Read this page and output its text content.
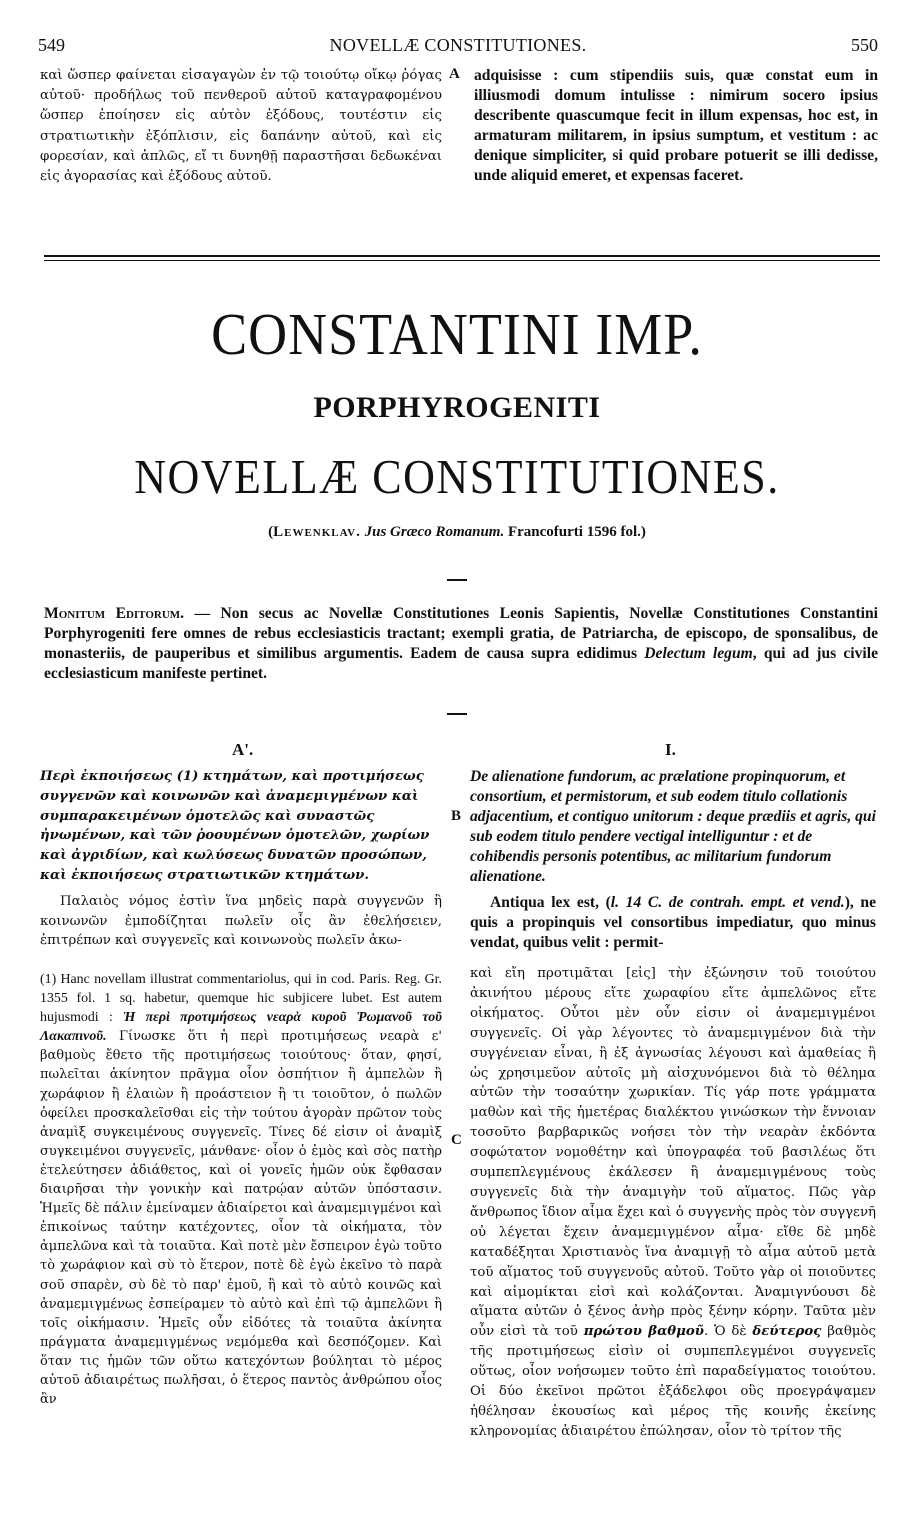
549	NOVELLÆ CONSTITUTIONES.	550

καὶ ὥσπερ φαίνεται εἰσαγαγὼν ἐν τῷ τοιούτῳ οἴκῳ ῥόγας αὐτοῦ· προδήλως τοῦ πενθεροῦ αὐτοῦ καταγραφομένου ὥσπερ ἐποίησεν εἰς αὐτὸν ἐξόδους, τουτέστιν εἰς στρατιωτικὴν ἐξόπλισιν, εἰς δαπάνην αὐτοῦ, καὶ εἰς φορεσίαν, καὶ ἁπλῶς, εἴ τι δυνηθῇ παραστῆσαι δεδωκέναι εἰς ἀγορασίας καὶ ἐξόδους αὐτοῦ.

A adquisisse : cum stipendiis suis, quæ constat eum in illiusmodi domum intulisse : nimirum socero ipsius describente quascumque fecit in illum expensas, hoc est, in armaturam militarem, in ipsius sumptum, et vestitum : ac denique simpliciter, si quid probare potuerit se illi dedisse, unde aliquid emeret, et expensas faceret.

CONSTANTINI IMP.
PORPHYROGENITI
NOVELLÆ CONSTITUTIONES.
(Lewenklav. Jus Græco Romanum. Francofurti 1596 fol.)
Monitum Editorum. — Non secus ac Novellæ Constitutiones Leonis Sapientis, Novellæ Constitutiones Constantini Porphyrogeniti fere omnes de rebus ecclesiasticis tractant; exempli gratia, de Patriarcha, de episcopo, de sponsalibus, de monasteriis, de pauperibus et similibus argumentis. Eadem de causa supra edidimus Delectum legum, qui ad jus civile ecclesiasticum manifeste pertinet.
Α'.	I.

Περὶ ἐκποιήσεως (1) κτημάτων, καὶ προτιμήσεως συγγενῶν καὶ κοινωνῶν καὶ ἀναμεμιγμένων καὶ συμπαρακειμένων ὁμοτελῶς καὶ συναστῶς ἠνωμένων, καὶ τῶν ῥοουμένων ὁμοτελῶν, χωρίων καὶ ἀγριδίων, καὶ κωλύσεως δυνατῶν προσώπων, καὶ ἐκποιήσεως στρατιωτικῶν κτημάτων.

Παλαιὸς νόμος ἐστὶν ἵνα μηδεὶς παρὰ συγγενῶν ἢ κοινωνῶν ἐμποδίζηται πωλεῖν οἷς ἂν ἐθελήσειεν, ἐπιτρέπων καὶ συγγενεῖς καὶ κοινωνοὺς πωλεῖν ἀκω-

B

De alienatione fundorum, ac prælatione propinquorum, et consortium, et permistorum, et sub eodem titulo collationis adjacentium, et contiguo unitorum : deque prædiis et agris, qui sub eodem titulo pendere vectigal intelliguntur : et de cohibendis personis potentibus, ac militarium fundorum alienatione.

Antiqua lex est, (l. 14 C. de contrah. empt. et vend.), ne quis a propinquis vel consortibus impediatur, quo minus vendat, quibus velit : permit-

(1) Hanc novellam illustrat commentariolus, qui in cod. Paris. Reg. Gr. 1355 fol. 1 sq. habetur, quemque hic subjicere lubet. Est autem hujusmodi : Ἡ περὶ προτιμήσεως νεαρὰ κυροῦ Ῥωμανοῦ τοῦ Λακαπινοῦ. Γίνωσκε ὅτι ἡ περὶ προτιμήσεως νεαρὰ ε' βαθμοὺς ἔθετο τῆς προτιμήσεως τοιούτους· ὅταν, φησί, πωλεῖται ἀκίνητον πρᾶγμα οἷον ὀσπήτιον ἢ ἀμπελὼν ἢ χωράφιον ἢ ἐλαιὼν ἢ προάστειον ἢ τι τοιοῦτον, ὁ πωλῶν ὀφείλει προσκαλεῖσθαι εἰς τὴν τούτου ἀγορὰν πρῶτον τοὺς ἀναμὶξ συγκειμένους συγγενεῖς. Τίνες δέ εἰσιν οἱ ἀναμὶξ συγκειμένοι συγγενεῖς, μάνθανε· οἷον ὁ ἐμὸς καὶ σὸς πατὴρ ἐτελεύτησεν ἀδιάθετος, καὶ οἱ γονεῖς ἡμῶν οὐκ ἔφθασαν διαιρῆσαι τὴν γονικὴν καὶ πατρῴαν αὐτῶν ὑπόστασιν. Ἡμεῖς δὲ πάλιν ἐμείναμεν ἀδιαίρετοι καὶ ἀναμεμιγμένοι καὶ ἐπικοίνως ταύτην κατέχοντες, οἷον τὰ οἰκήματα, τὸν ἀμπελῶνα καὶ τὰ τοιαῦτα. Καὶ ποτὲ μὲν ἔσπειρον ἐγὼ τοῦτο τὸ χωράφιον καὶ σὺ τὸ ἕτερον, ποτὲ δὲ ἐγὼ ἐκεῖνο τὸ παρὰ σοῦ σπαρὲν, σὺ δὲ τὸ παρ' ἐμοῦ, ἢ καὶ τὸ αὐτὸ κοινῶς καὶ ἀναμεμιγμένως ἐσπείραμεν τὸ αὐτὸ καὶ ἐπὶ τῷ ἀμπελῶνι ἢ τοῖς οἰκήμασιν. Ἡμεῖς οὖν εἰδότες τὰ τοιαῦτα ἀκίνητα πράγματα ἀναμεμιγμένως νεμόμεθα καὶ δεσπόζομεν. Καὶ ὅταν τις ἡμῶν τῶν οὕτω κατεχόντων βούληται τὸ μέρος αὐτοῦ ἀδιαιρέτως πωλῆσαι, ὁ ἕτερος παντὸς ἀνθρώπου οἷος ἂν
C
καὶ εἴη προτιμᾶται [εἰς] τὴν ἐξώνησιν τοῦ τοιούτου ἀκινήτου μέρους εἴτε χωραφίου εἴτε ἀμπελῶνος εἴτε οἰκήματος. Οὗτοι μὲν οὖν εἰσιν οἱ ἀναμεμιγμένοι συγγενεῖς. Οἱ γὰρ λέγοντες τὸ ἀναμεμιγμένον διὰ τὴν συγγένειαν εἶναι, ἢ ἐξ ἀγνωσίας λέγουσι καὶ ἀμαθείας ἢ ὡς χρησιμεῦον αὐτοῖς μὴ αἰσχυνόμενοι διὰ τὸ θέλημα αὐτῶν τὴν τοσαύτην χωρικίαν. Τίς γάρ ποτε γράμματα μαθὼν καὶ τῆς ἡμετέρας διαλέκτου γινώσκων τὴν ἔννοιαν τοσοῦτο βαρβαρικῶς νοήσει τὸν τὴν νεαρὰν ἐκδόντα σοφώτατον νομοθέτην καὶ ὑπογραφέα τοῦ βασιλέως ὅτι συμπεπλεγμένους ἐκάλεσεν ἢ ἀναμεμιγμένους τοὺς συγγενεῖς διὰ τὴν ἀναμιγὴν τοῦ αἵματος. Πῶς γὰρ ἄνθρωπος ἴδιον αἷμα ἔχει καὶ ὁ συγγενὴς πρὸς τὸν συγγενῆ οὐ λέγεται ἔχειν ἀναμεμιγμένον αἷμα· εἴθε δὲ μηδὲ καταδέξηται Χριστιανὸς ἵνα ἀναμιγῇ τὸ αἷμα αὐτοῦ μετὰ τοῦ αἵματος τοῦ συγγενοῦς αὐτοῦ. Τοῦτο γὰρ οἱ ποιοῦντες καὶ αἱμομίκται εἰσὶ καὶ κολάζονται. Ἀναμιγνύουσι δὲ αἵματα αὐτῶν ὁ ξένος ἀνὴρ πρὸς ξένην κόρην. Ταῦτα μὲν οὖν εἰσὶ τὰ τοῦ πρώτου βαθμοῦ. Ὁ δὲ δεύτερος βαθμὸς τῆς προτιμήσεως εἰσὶν οἱ συμπεπλεγμένοι συγγενεῖς οὕτως, οἷον νοήσωμεν τοῦτο ἐπὶ παραδείγματος τοιούτου. Οἱ δύο ἐκεῖνοι πρῶτοι ἐξάδελφοι οὓς προεγράψαμεν ἠθέλησαν ἑκουσίως καὶ μέρος τῆς κοινῆς ἐκείνης κληρονομίας ἀδιαιρέτου ἐπώλησαν, οἷον τὸ τρίτον τῆς
